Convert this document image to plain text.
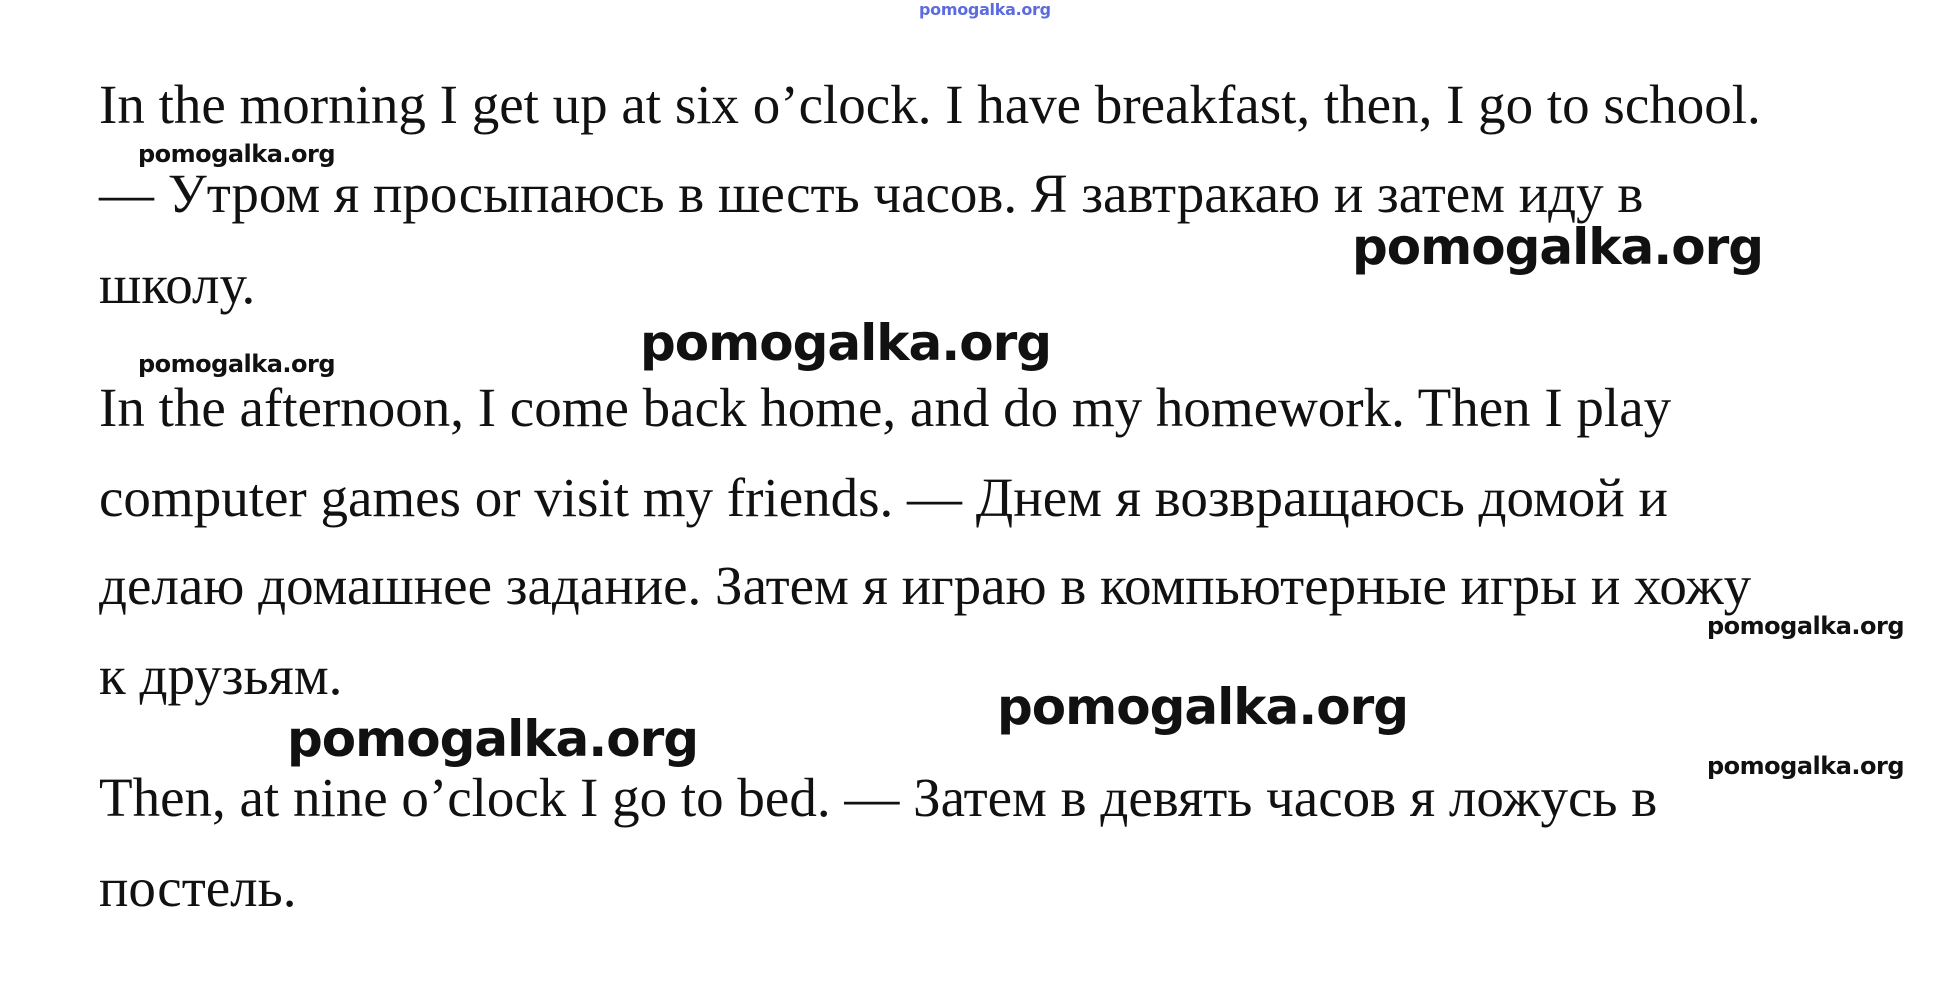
pomogalka.org

In the morning I get up at six o’clock. I have breakfast, then, I go to school.

— Утром я просыпаюсь в шесть часов. Я завтракаю и затем иду в

школу.

In the afternoon, I come back home, and do my homework. Then I play

computer games or visit my friends. — Днем я возвращаюсь домой и

делаю домашнее задание. Затем я играю в компьютерные игры и хожу

к друзьям.

Then, at nine o’clock I go to bed. — Затем в девять часов я ложусь в

постель.

pomogalka.org
pomogalka.org
pomogalka.org
pomogalka.org
pomogalka.org
pomogalka.org
pomogalka.org	pomogalka.org
